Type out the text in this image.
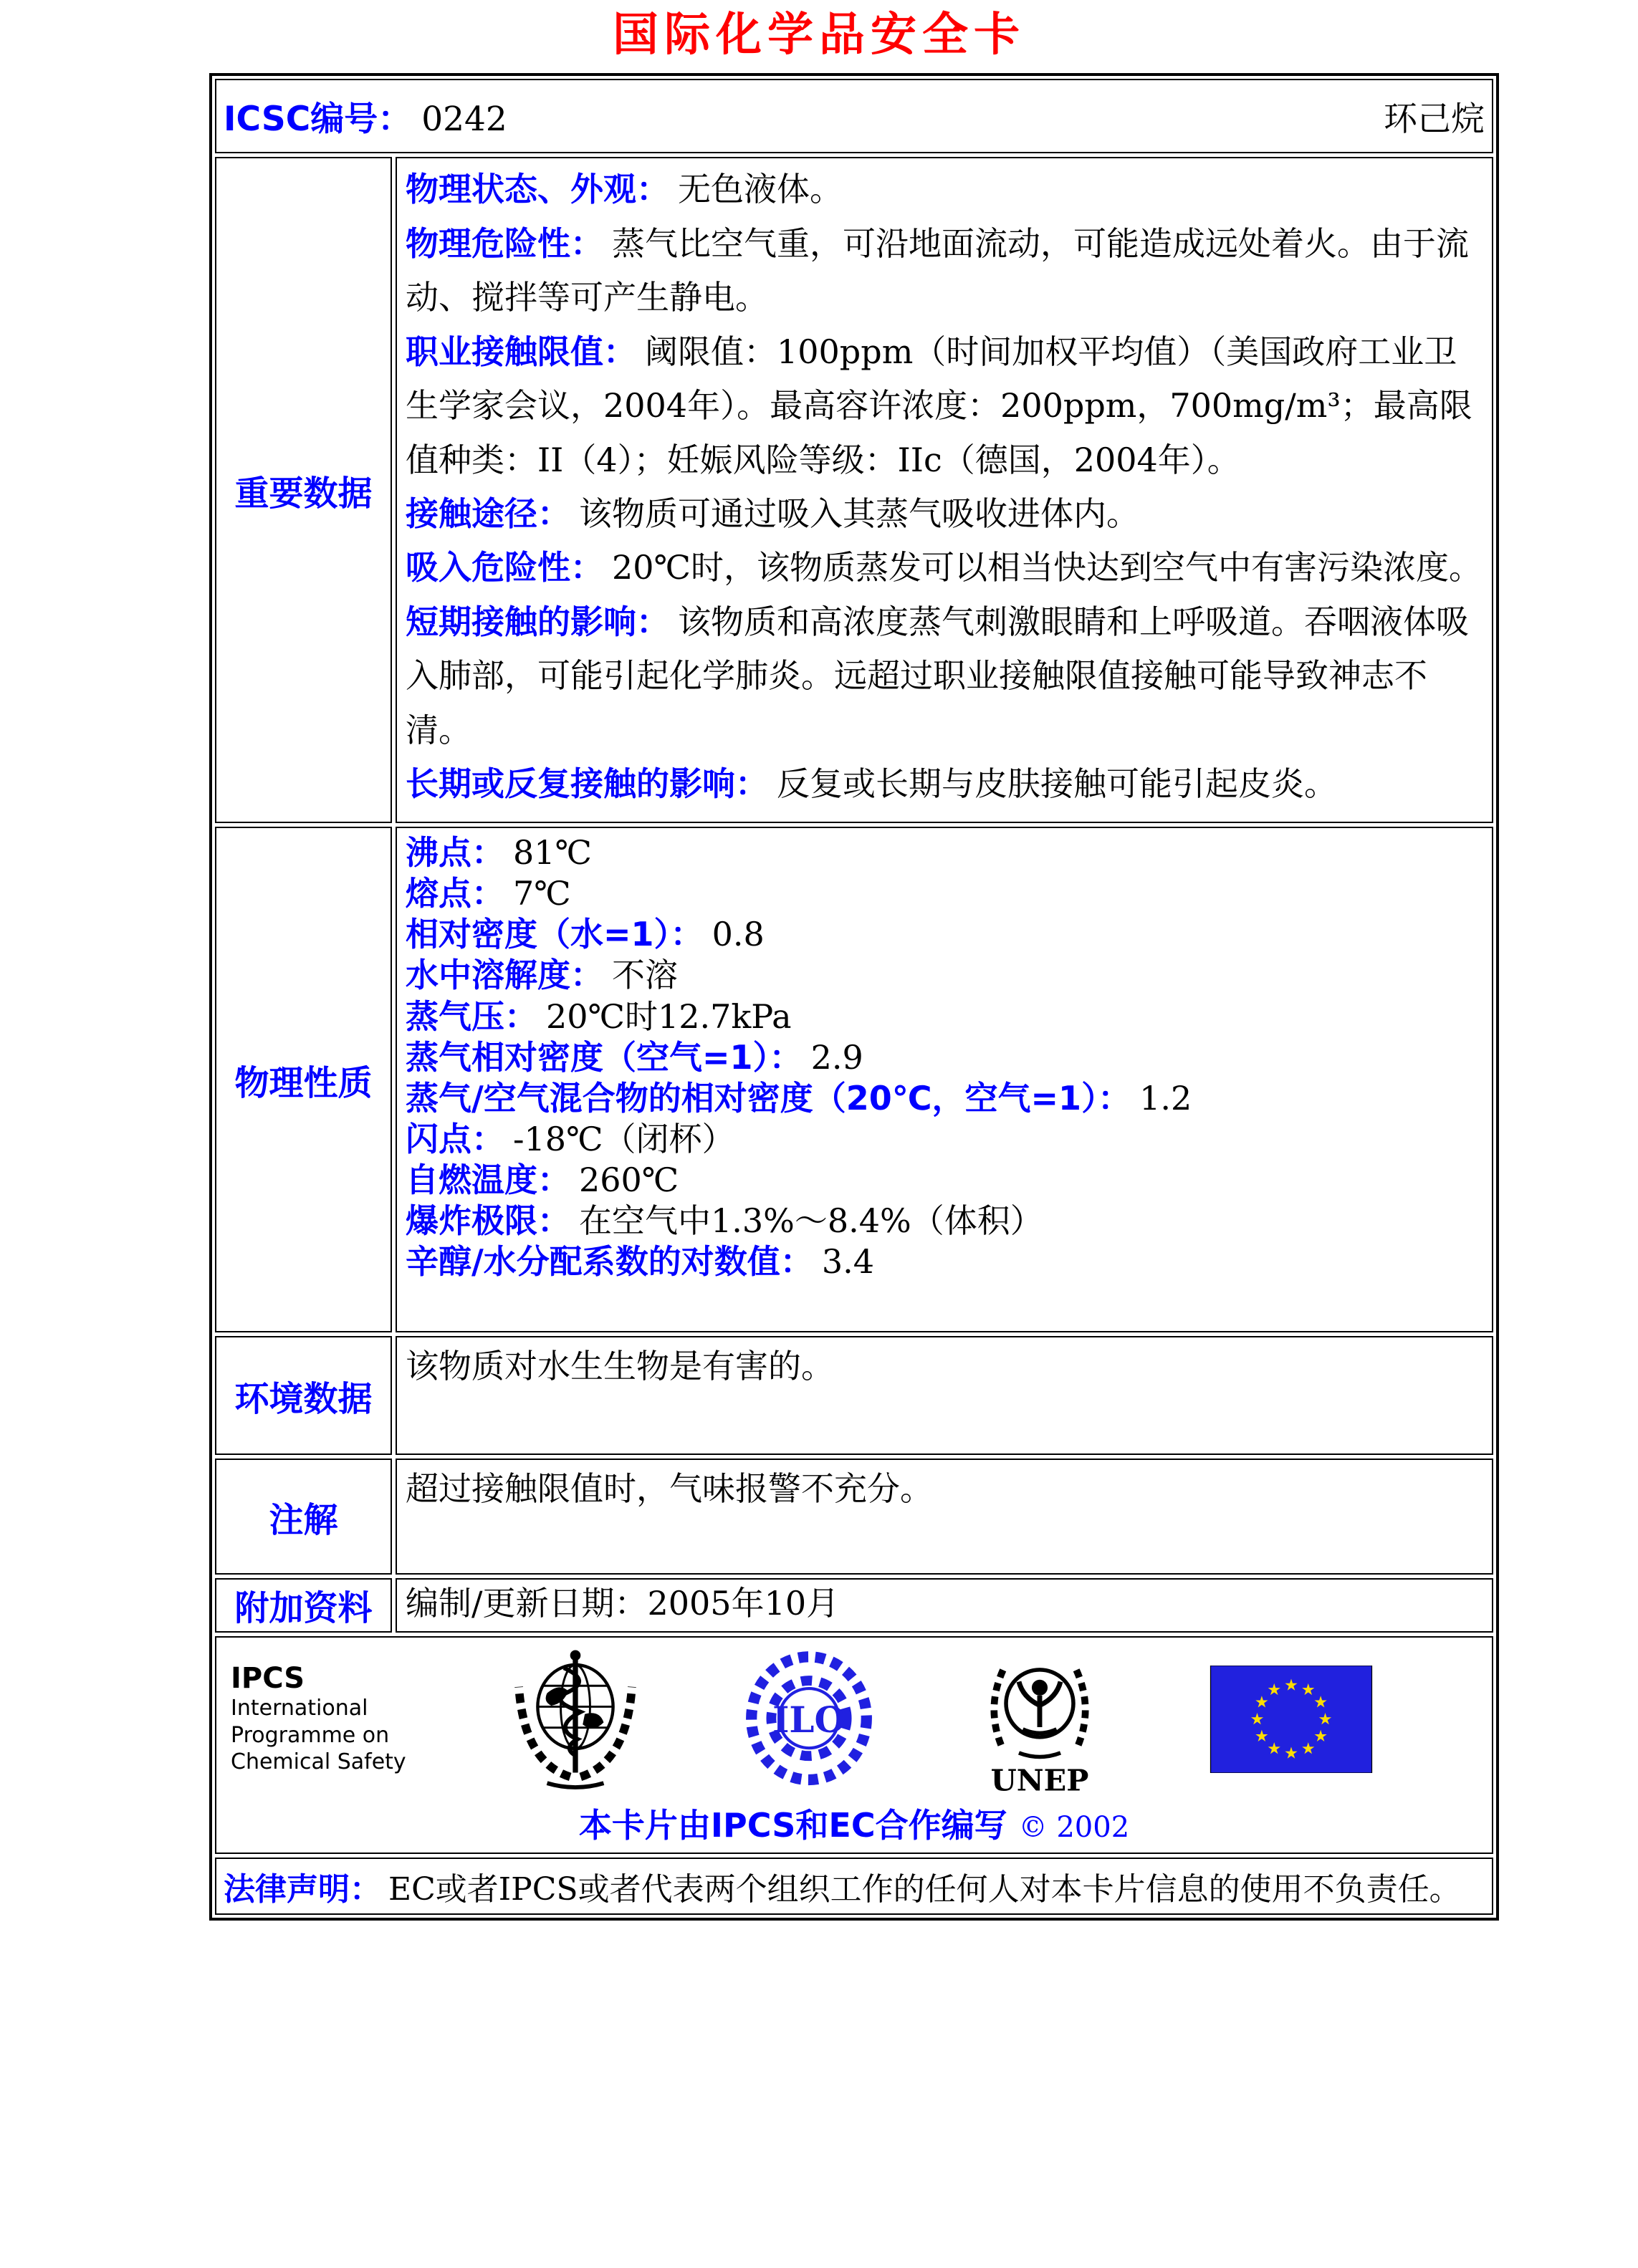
国际化学品安全卡
ICSC编号： 0242	环己烷
重要数据
物理状态、外观： 无色液体。
物理危险性： 蒸气比空气重，可沿地面流动，可能造成远处着火。由于流动、搅拌等可产生静电。
职业接触限值： 阈限值：100ppm（时间加权平均值）（美国政府工业卫生学家会议，2004年）。最高容许浓度：200ppm，700mg/m³；最高限值种类：II（4）；妊娠风险等级：IIc（德国，2004年）。
接触途径： 该物质可通过吸入其蒸气吸收进体内。
吸入危险性： 20℃时，该物质蒸发可以相当快达到空气中有害污染浓度。
短期接触的影响： 该物质和高浓度蒸气刺激眼睛和上呼吸道。吞咽液体吸入肺部，可能引起化学肺炎。远超过职业接触限值接触可能导致神志不清。
长期或反复接触的影响： 反复或长期与皮肤接触可能引起皮炎。
物理性质
沸点： 81℃
熔点： 7℃
相对密度（水=1）： 0.8
水中溶解度： 不溶
蒸气压： 20℃时12.7kPa
蒸气相对密度（空气=1）： 2.9
蒸气/空气混合物的相对密度（20℃，空气=1）： 1.2
闪点： -18℃（闭杯）
自燃温度： 260℃
爆炸极限： 在空气中1.3%～8.4%（体积）
辛醇/水分配系数的对数值： 3.4
环境数据
该物质对水生生物是有害的。
注解
超过接触限值时，气味报警不充分。
附加资料	编制/更新日期：2005年10月
IPCS
International
Programme on
Chemical Safety
ILO
UNEP
本卡片由IPCS和EC合作编写 © 2002
法律声明： EC或者IPCS或者代表两个组织工作的任何人对本卡片信息的使用不负责任。
